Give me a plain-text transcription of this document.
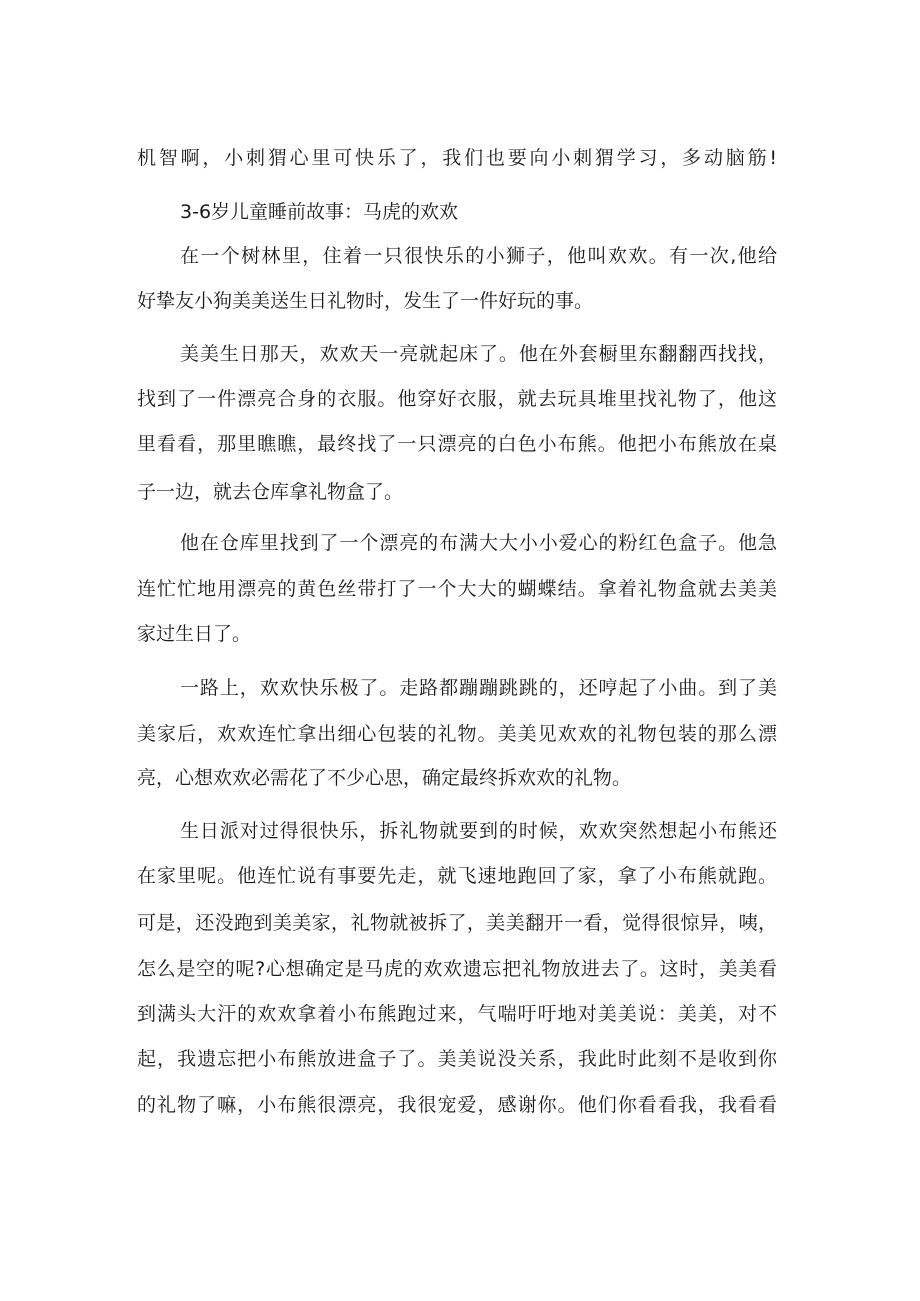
机智啊，小刺猬心里可快乐了，我们也要向小刺猬学习，多动脑筋!
3-6岁儿童睡前故事：马虎的欢欢
在一个树林里，住着一只很快乐的小狮子，他叫欢欢。有一次,他给
好挚友小狗美美送生日礼物时，发生了一件好玩的事。
美美生日那天，欢欢天一亮就起床了。他在外套橱里东翻翻西找找，
找到了一件漂亮合身的衣服。他穿好衣服，就去玩具堆里找礼物了，他这
里看看，那里瞧瞧，最终找了一只漂亮的白色小布熊。他把小布熊放在桌
子一边，就去仓库拿礼物盒了。
他在仓库里找到了一个漂亮的布满大大小小爱心的粉红色盒子。他急
连忙忙地用漂亮的黄色丝带打了一个大大的蝴蝶结。拿着礼物盒就去美美
家过生日了。
一路上，欢欢快乐极了。走路都蹦蹦跳跳的，还哼起了小曲。到了美
美家后，欢欢连忙拿出细心包装的礼物。美美见欢欢的礼物包装的那么漂
亮，心想欢欢必需花了不少心思，确定最终拆欢欢的礼物。
生日派对过得很快乐，拆礼物就要到的时候，欢欢突然想起小布熊还
在家里呢。他连忙说有事要先走，就飞速地跑回了家，拿了小布熊就跑。
可是，还没跑到美美家，礼物就被拆了，美美翻开一看，觉得很惊异，咦，
怎么是空的呢?心想确定是马虎的欢欢遗忘把礼物放进去了。这时，美美看
到满头大汗的欢欢拿着小布熊跑过来，气喘吁吁地对美美说：美美，对不
起，我遗忘把小布熊放进盒子了。美美说没关系，我此时此刻不是收到你
的礼物了嘛，小布熊很漂亮，我很宠爱，感谢你。他们你看看我，我看看
